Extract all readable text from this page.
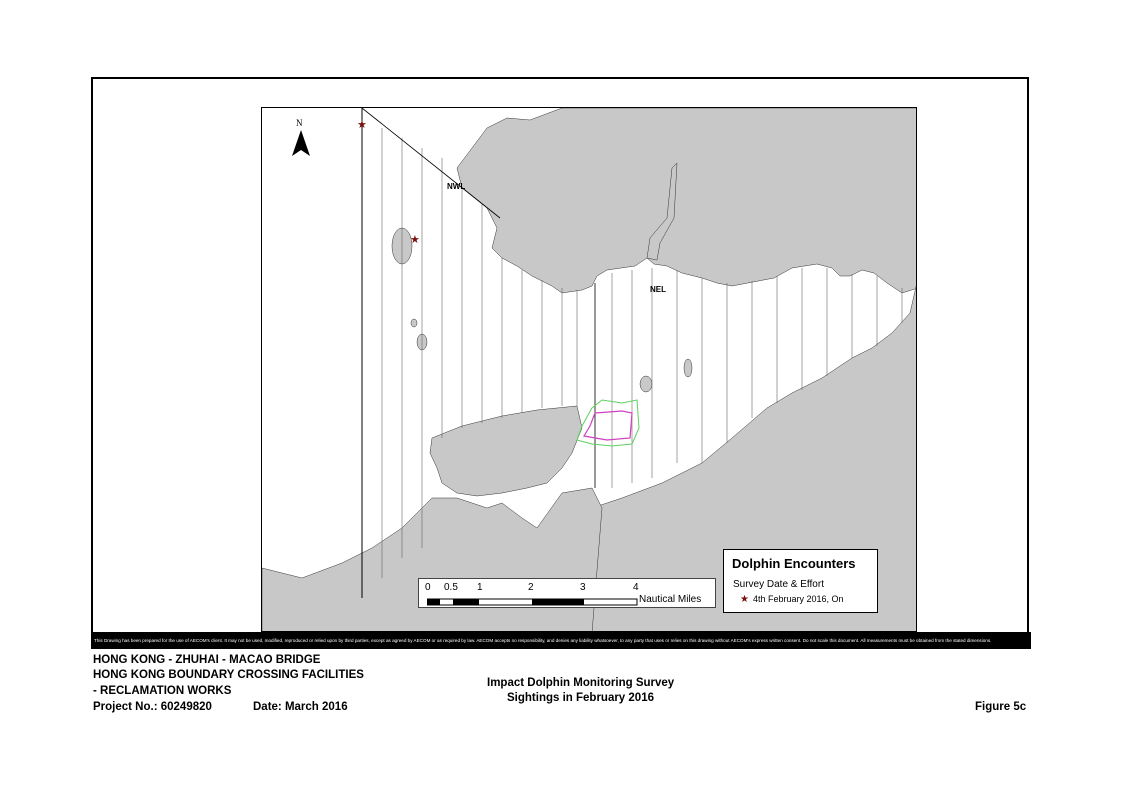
NWL
NEL
★
★
N
0 0.5 1	2	3	4
Nautical Miles
Dolphin Encounters
Survey Date & Effort
★ 4th February 2016, On
This Drawing has been prepared for the use of AECOM's client. It may not be used, modified, reproduced or relied upon by third parties, except as agreed by AECOM or as required by law. AECOM accepts no responsibility, and denies any liability whatsoever, to any party that uses or relies on this drawing without AECOM's express written consent. Do not scale this document. All measurements must be obtained from the stated dimensions.
HONG KONG - ZHUHAI - MACAO BRIDGE
HONG KONG BOUNDARY CROSSING FACILITIES
- RECLAMATION WORKS
Project No.: 60249820	Date: March 2016
Impact Dolphin Monitoring Survey
Sightings in February 2016
Figure 5c
